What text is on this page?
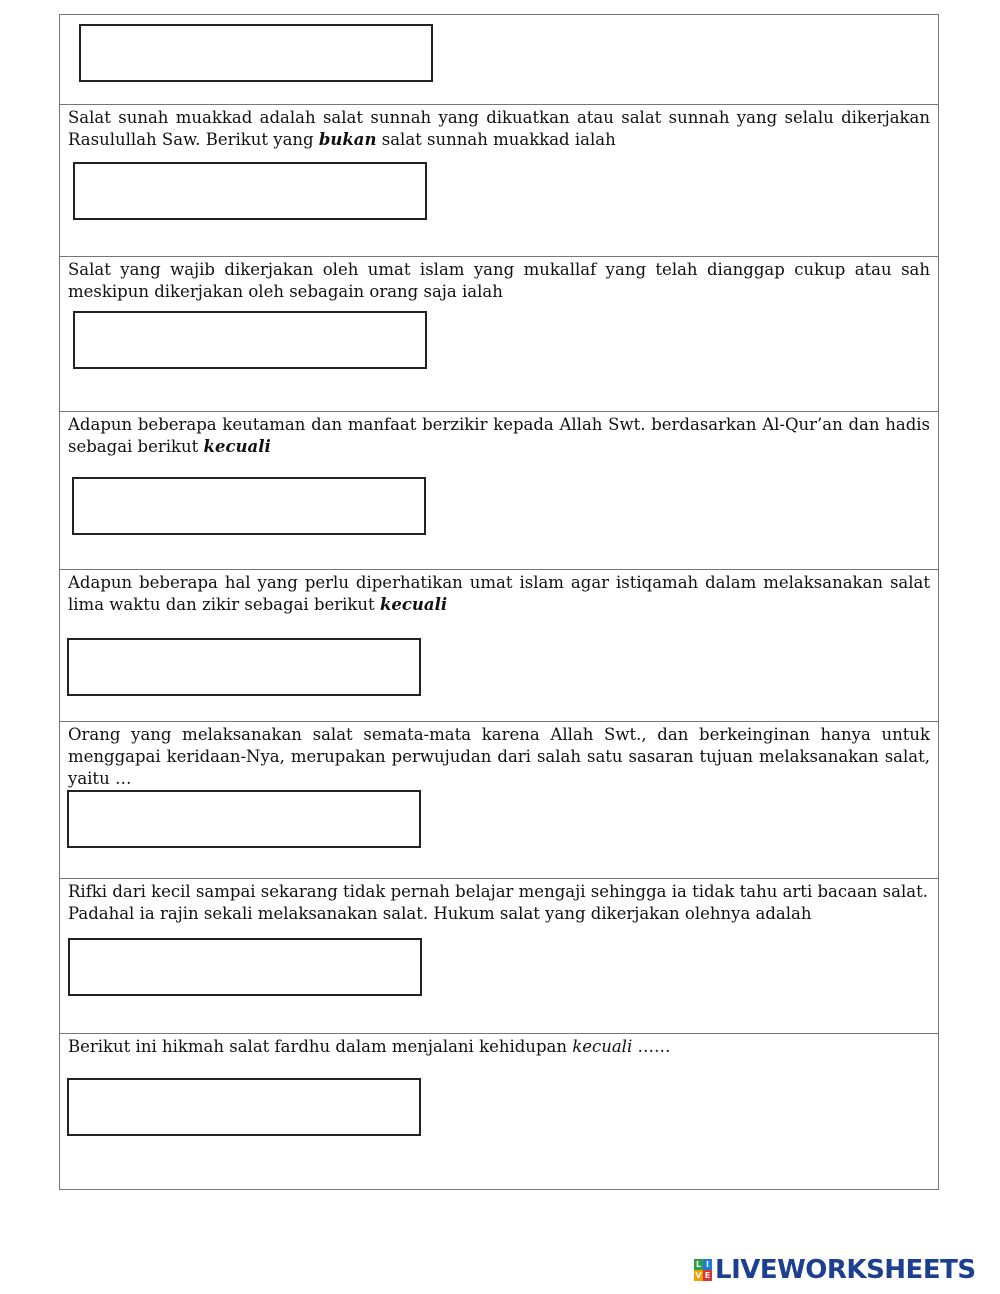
Salat sunah muakkad adalah salat sunnah yang dikuatkan atau salat sunnah yang selalu dikerjakan Rasulullah Saw. Berikut yang bukan salat sunnah muakkad ialah

Salat yang wajib dikerjakan oleh umat islam yang mukallaf yang telah dianggap cukup atau sah meskipun dikerjakan oleh sebagain orang saja ialah

Adapun beberapa keutaman dan manfaat berzikir kepada Allah Swt. berdasarkan Al-Qur’an dan hadis sebagai berikut kecuali

Adapun beberapa hal yang perlu diperhatikan umat islam agar istiqamah dalam melaksanakan salat lima waktu dan zikir sebagai berikut kecuali

Orang yang melaksanakan salat semata-mata karena Allah Swt., dan berkeinginan hanya untuk menggapai keridaan-Nya, merupakan perwujudan dari salah satu sasaran tujuan melaksanakan salat, yaitu …

Rifki dari kecil sampai sekarang tidak pernah belajar mengaji sehingga ia tidak tahu arti bacaan salat. Padahal ia rajin sekali melaksanakan salat. Hukum salat yang dikerjakan olehnya adalah

Berikut ini hikmah salat fardhu dalam menjalani kehidupan kecuali ……

L I
V E LIVEWORKSHEETS
